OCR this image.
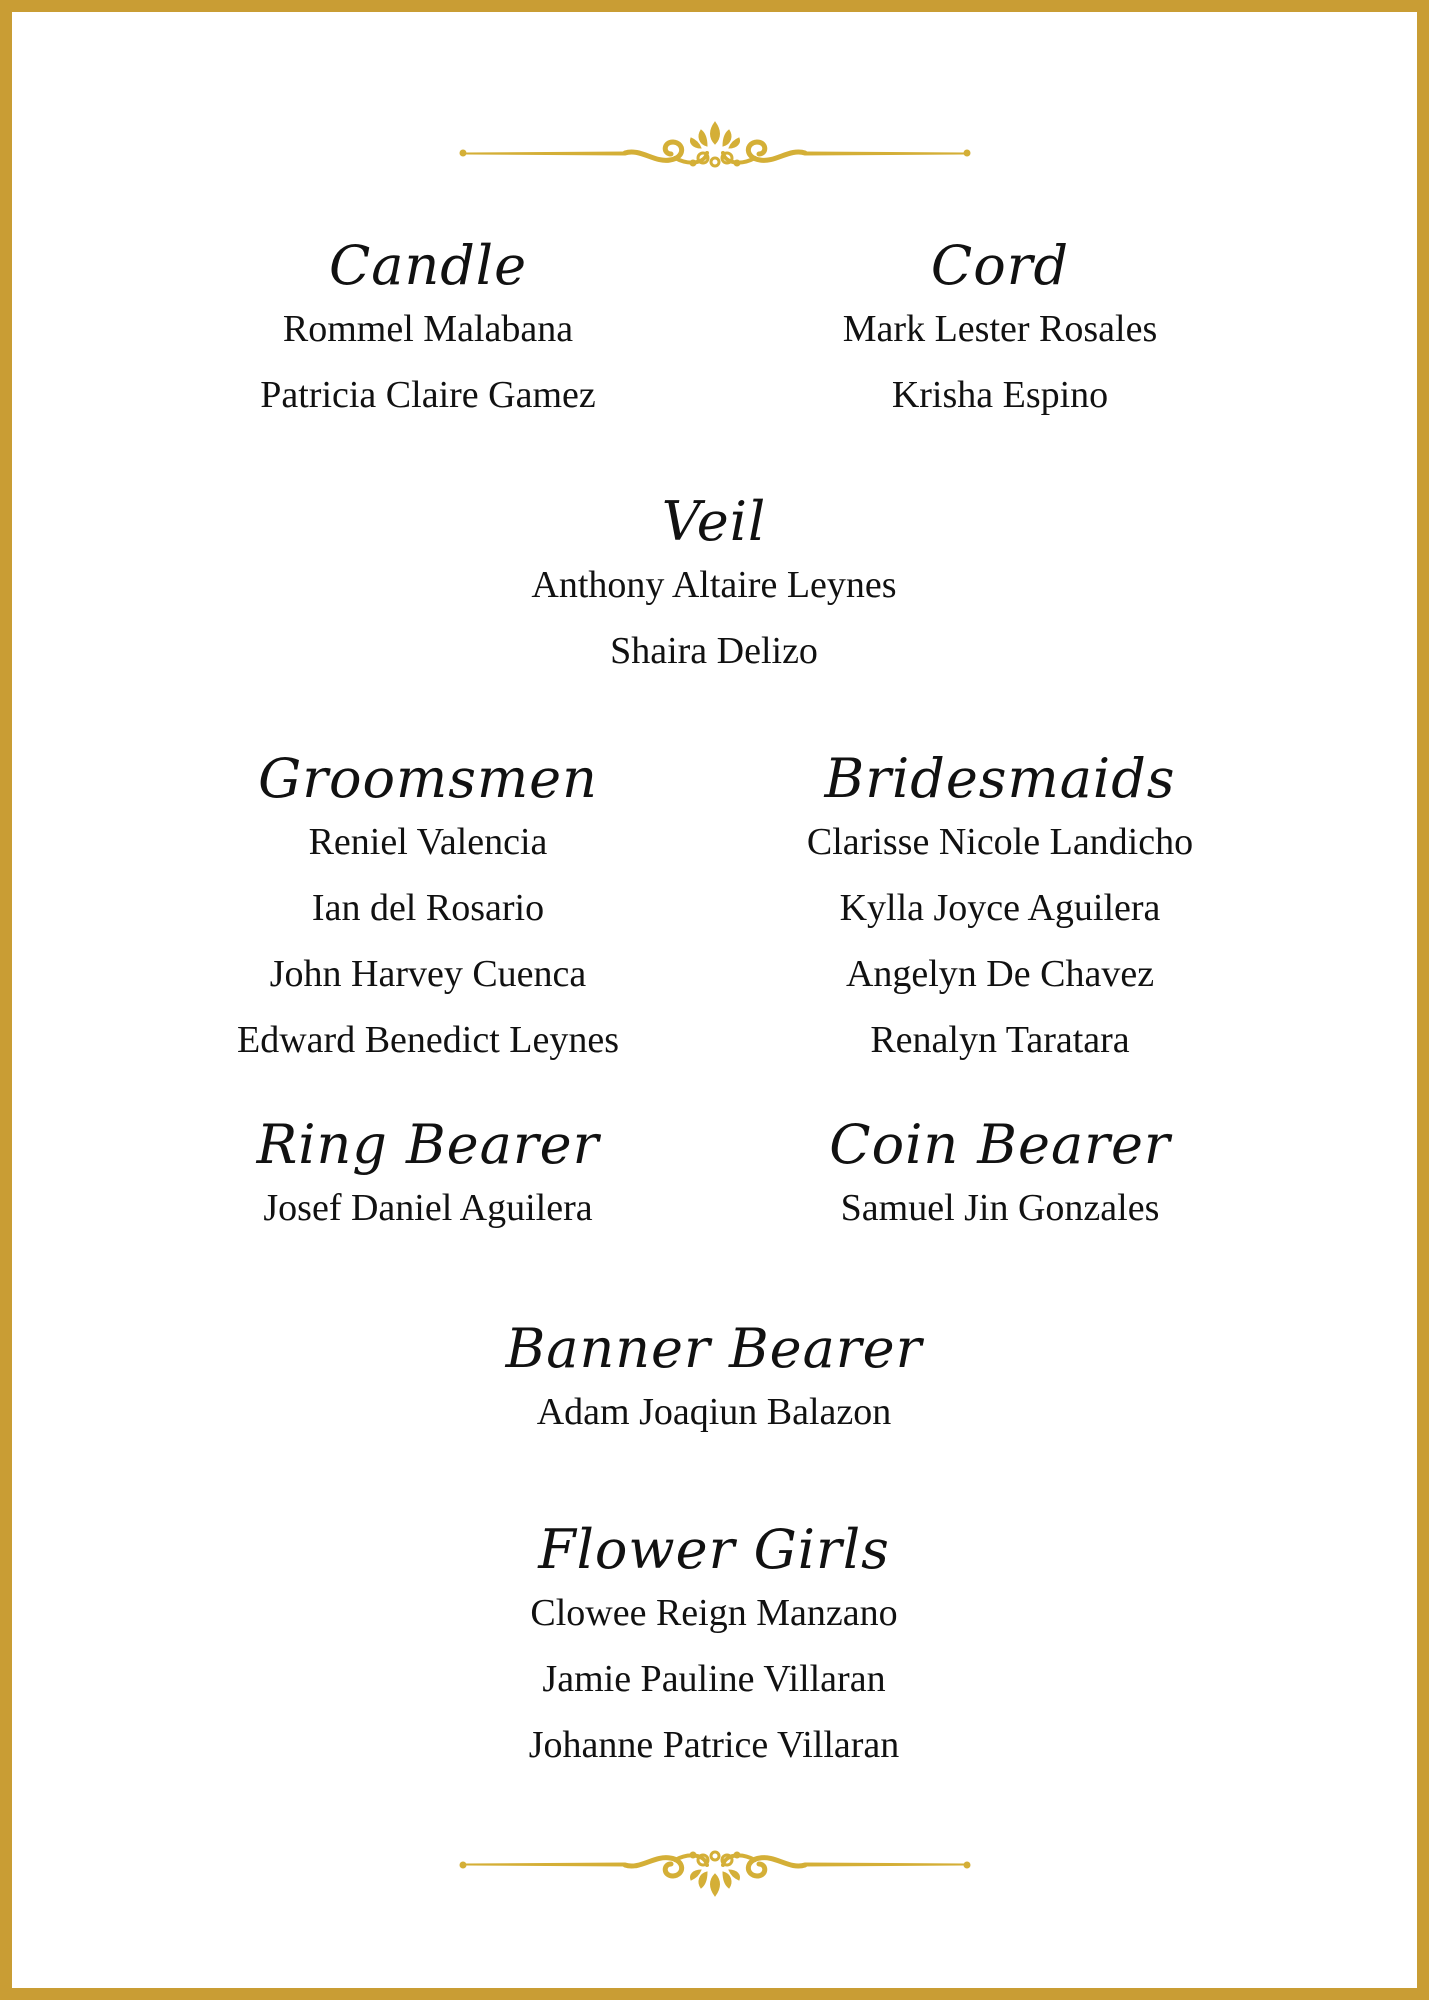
Candle
Rommel Malabana
Patricia Claire Gamez
Cord
Mark Lester Rosales
Krisha Espino
Veil
Anthony Altaire Leynes
Shaira Delizo
Groomsmen
Reniel Valencia
Ian del Rosario
John Harvey Cuenca
Edward Benedict Leynes
Bridesmaids
Clarisse Nicole Landicho
Kylla Joyce Aguilera
Angelyn De Chavez
Renalyn Taratara
Ring Bearer
Josef Daniel Aguilera
Coin Bearer
Samuel Jin Gonzales
Banner Bearer
Adam Joaqiun Balazon
Flower Girls
Clowee Reign Manzano
Jamie Pauline Villaran
Johanne Patrice Villaran
